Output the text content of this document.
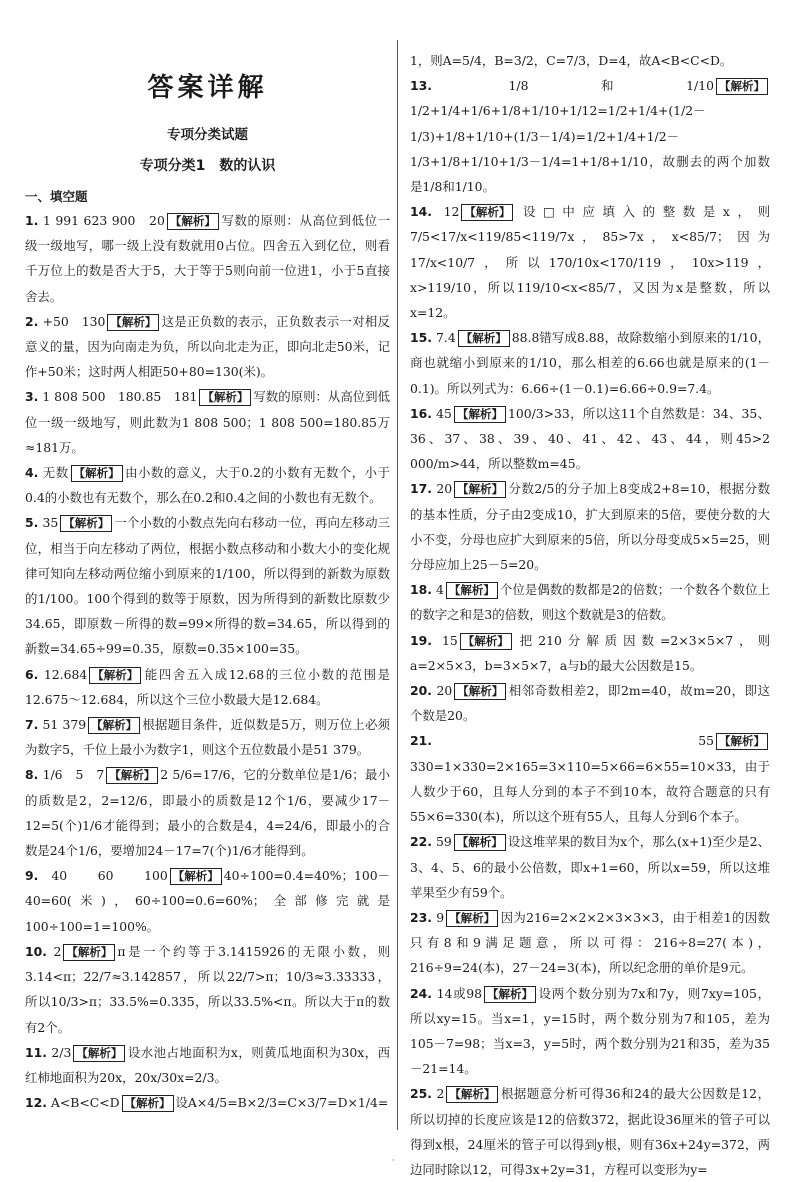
答案详解
专项分类试题
专项分类1　数的认识
一、填空题

1. 1 991 623 900　20 【解析】 写数的原则：从高位到低位一级一级地写，哪一级上没有数就用0占位。四舍五入到亿位，则看千万位上的数是否大于5，大于等于5则向前一位进1，小于5直接舍去。

2. +50　130 【解析】 这是正负数的表示，正负数表示一对相反意义的量，因为向南走为负，所以向北走为正，即向北走50米，记作+50米；这时两人相距50+80=130(米)。

3. 1 808 500　180.85　181 【解析】 写数的原则：从高位到低位一级一级地写，则此数为1 808 500；1 808 500=180.85万≈181万。

4. 无数 【解析】 由小数的意义，大于0.2的小数有无数个，小于0.4的小数也有无数个，那么在0.2和0.4之间的小数也有无数个。

5. 35 【解析】 一个小数的小数点先向右移动一位，再向左移动三位，相当于向左移动了两位，根据小数点移动和小数大小的变化规律可知向左移动两位缩小到原来的1/100，所以得到的新数为原数的1/100。100个得到的数等于原数，因为所得到的新数比原数少34.65，即原数－所得的数=99×所得的数=34.65，所以得到的新数=34.65÷99=0.35，原数=0.35×100=35。

6. 12.684 【解析】 能四舍五入成12.68的三位小数的范围是12.675～12.684，所以这个三位小数最大是12.684。

7. 51 379 【解析】 根据题目条件，近似数是5万，则万位上必须为数字5，千位上最小为数字1，则这个五位数最小是51 379。

8. 1/6　5　7 【解析】 2 5/6=17/6，它的分数单位是1/6；最小的质数是2，2=12/6，即最小的质数是12个1/6，要减少17－12=5(个)1/6才能得到；最小的合数是4，4=24/6，即最小的合数是24个1/6，要增加24－17=7(个)1/6才能得到。

9. 40　60　100 【解析】 40÷100=0.4=40%；100－40=60(米)，60÷100=0.6=60%；全部修完就是100÷100=1=100%。

10. 2 【解析】 π是一个约等于3.1415926的无限小数，则3.14<π；22/7≈3.142857，所以22/7>π；10/3≈3.33333，所以10/3>π；33.5%=0.335，所以33.5%<π。所以大于π的数有2个。

11. 2/3 【解析】 设水池占地面积为x，则黄瓜地面积为30x，西红柿地面积为20x，20x/30x=2/3。

12. A<B<C<D 【解析】 设A×4/5=B×2/3=C×3/7=D×1/4=

1，则A=5/4，B=3/2，C=7/3，D=4，故A<B<C<D。

13.	1/8和1/10 【解析】1/2+1/4+1/6+1/8+1/10+1/12=1/2+1/4+(1/2－1/3)+1/8+1/10+(1/3－1/4)=1/2+1/4+1/2－1/3+1/8+1/10+1/3－1/4=1+1/8+1/10，故删去的两个加数是1/8和1/10。

14. 12 【解析】 设□中应填入的整数是x，则7/5<17/x<119/85<119/7x，85>7x，x<85/7；因为17/x<10/7，所以170/10x<170/119，10x>119，x>119/10，所以119/10<x<85/7，又因为x是整数，所以x=12。

15. 7.4 【解析】 88.8错写成8.88，故除数缩小到原来的1/10，商也就缩小到原来的1/10，那么相差的6.66也就是原来的(1－0.1)。所以列式为：6.66÷(1－0.1)=6.66÷0.9=7.4。

16. 45 【解析】 100/3>33，所以这11个自然数是：34、35、36、37、38、39、40、41、42、43、44，则45>2 000/m>44，所以整数m=45。

17. 20 【解析】 分数2/5的分子加上8变成2+8=10，根据分数的基本性质，分子由2变成10，扩大到原来的5倍，要使分数的大小不变，分母也应扩大到原来的5倍，所以分母变成5×5=25，则分母应加上25－5=20。

18. 4 【解析】 个位是偶数的数都是2的倍数；一个数各个数位上的数字之和是3的倍数，则这个数就是3的倍数。

19. 15 【解析】 把210分解质因数=2×3×5×7，则a=2×5×3，b=3×5×7，a与b的最大公因数是15。

20. 20 【解析】 相邻奇数相差2，即2m=40，故m=20，即这个数是20。

21.	55 【解析】330=1×330=2×165=3×110=5×66=6×55=10×33，由于人数少于60，且每人分到的本子不到10本，故符合题意的只有55×6=330(本)，所以这个班有55人，且每人分到6个本子。

22. 59 【解析】 设这堆苹果的数目为x个，那么(x+1)至少是2、3、4、5、6的最小公倍数，即x+1=60，所以x=59，所以这堆苹果至少有59个。

23. 9 【解析】 因为216=2×2×2×3×3×3，由于相差1的因数只有8和9满足题意，所以可得：216÷8=27(本)，216÷9=24(本)，27－24=3(本)，所以纪念册的单价是9元。

24. 14或98 【解析】 设两个数分别为7x和7y，则7xy=105，所以xy=15。当x=1，y=15时，两个数分别为7和105，差为105－7=98；当x=3，y=5时，两个数分别为21和35，差为35－21=14。

25. 2 【解析】 根据题意分析可得36和24的最大公因数是12，所以切掉的长度应该是12的倍数372，据此设36厘米的管子可以得到x根，24厘米的管子可以得到y根，则有36x+24y=372，两边同时除以12，可得3x+2y=31，方程可以变形为y=

·
